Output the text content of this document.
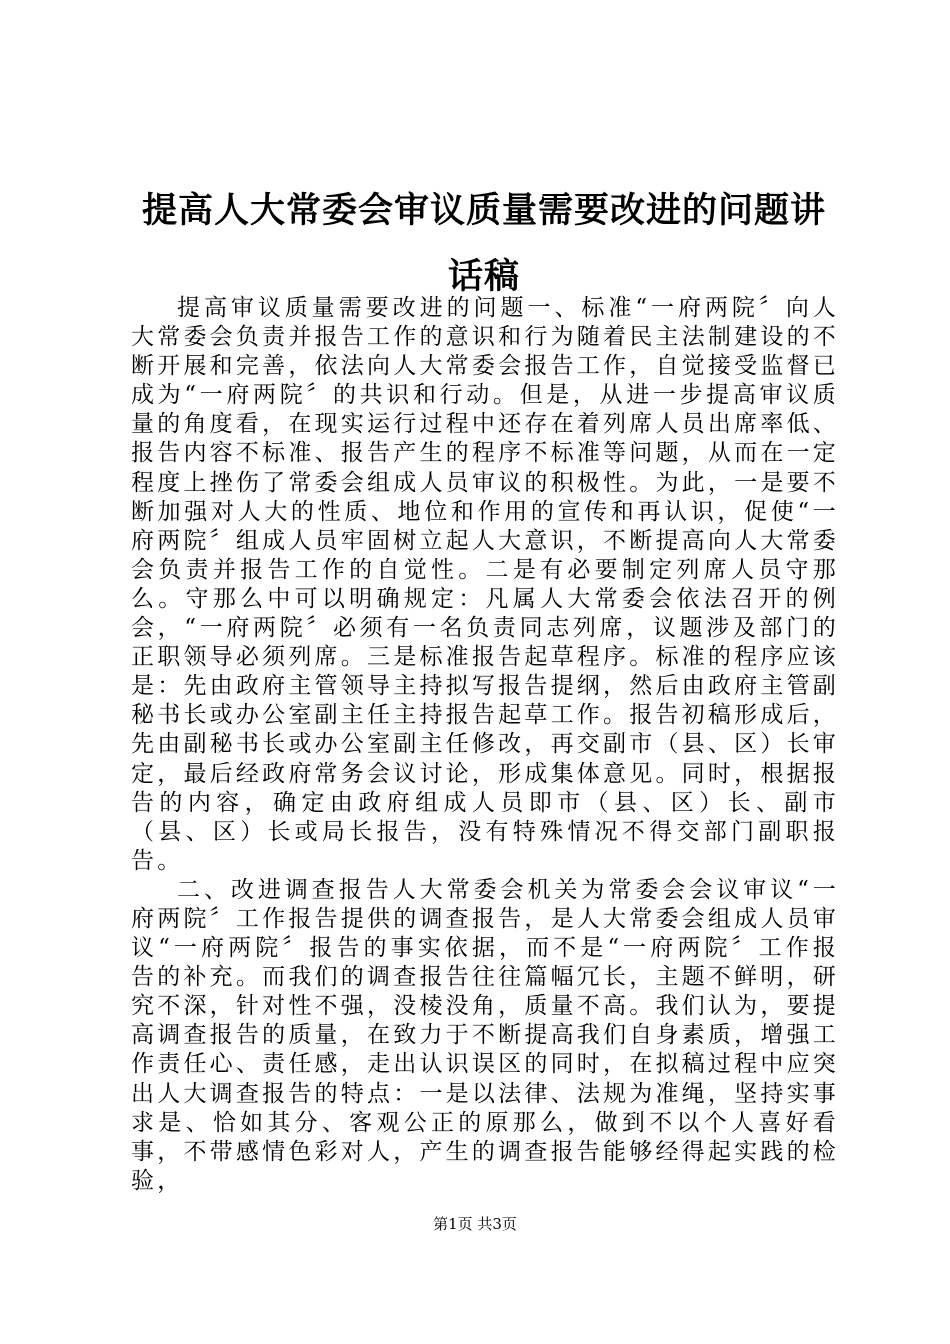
提高人大常委会审议质量需要改进的问题讲话稿

提高审议质量需要改进的问题一、标准“一府两院〞向人大常委会负责并报告工作的意识和行为随着民主法制建设的不断开展和完善，依法向人大常委会报告工作，自觉接受监督已成为“一府两院〞的共识和行动。但是，从进一步提高审议质量的角度看，在现实运行过程中还存在着列席人员出席率低、报告内容不标准、报告产生的程序不标准等问题，从而在一定程度上挫伤了常委会组成人员审议的积极性。为此，一是要不断加强对人大的性质、地位和作用的宣传和再认识，促使“一府两院〞组成人员牢固树立起人大意识，不断提高向人大常委会负责并报告工作的自觉性。二是有必要制定列席人员守那么。守那么中可以明确规定：凡属人大常委会依法召开的例会，“一府两院〞必须有一名负责同志列席，议题涉及部门的正职领导必须列席。三是标准报告起草程序。标准的程序应该是：先由政府主管领导主持拟写报告提纲，然后由政府主管副秘书长或办公室副主任主持报告起草工作。报告初稿形成后，先由副秘书长或办公室副主任修改，再交副市（县、区）长审定，最后经政府常务会议讨论，形成集体意见。同时，根据报告的内容，确定由政府组成人员即市（县、区）长、副市（县、区）长或局长报告，没有特殊情况不得交部门副职报告。

二、改进调查报告人大常委会机关为常委会会议审议“一府两院〞工作报告提供的调查报告，是人大常委会组成人员审议“一府两院〞报告的事实依据，而不是“一府两院〞工作报告的补充。而我们的调查报告往往篇幅冗长，主题不鲜明，研究不深，针对性不强，没棱没角，质量不高。我们认为，要提高调查报告的质量，在致力于不断提高我们自身素质，增强工作责任心、责任感，走出认识误区的同时，在拟稿过程中应突出人大调查报告的特点：一是以法律、法规为准绳，坚持实事求是、恰如其分、客观公正的原那么，做到不以个人喜好看事，不带感情色彩对人，产生的调查报告能够经得起实践的检验，

第1页 共3页
